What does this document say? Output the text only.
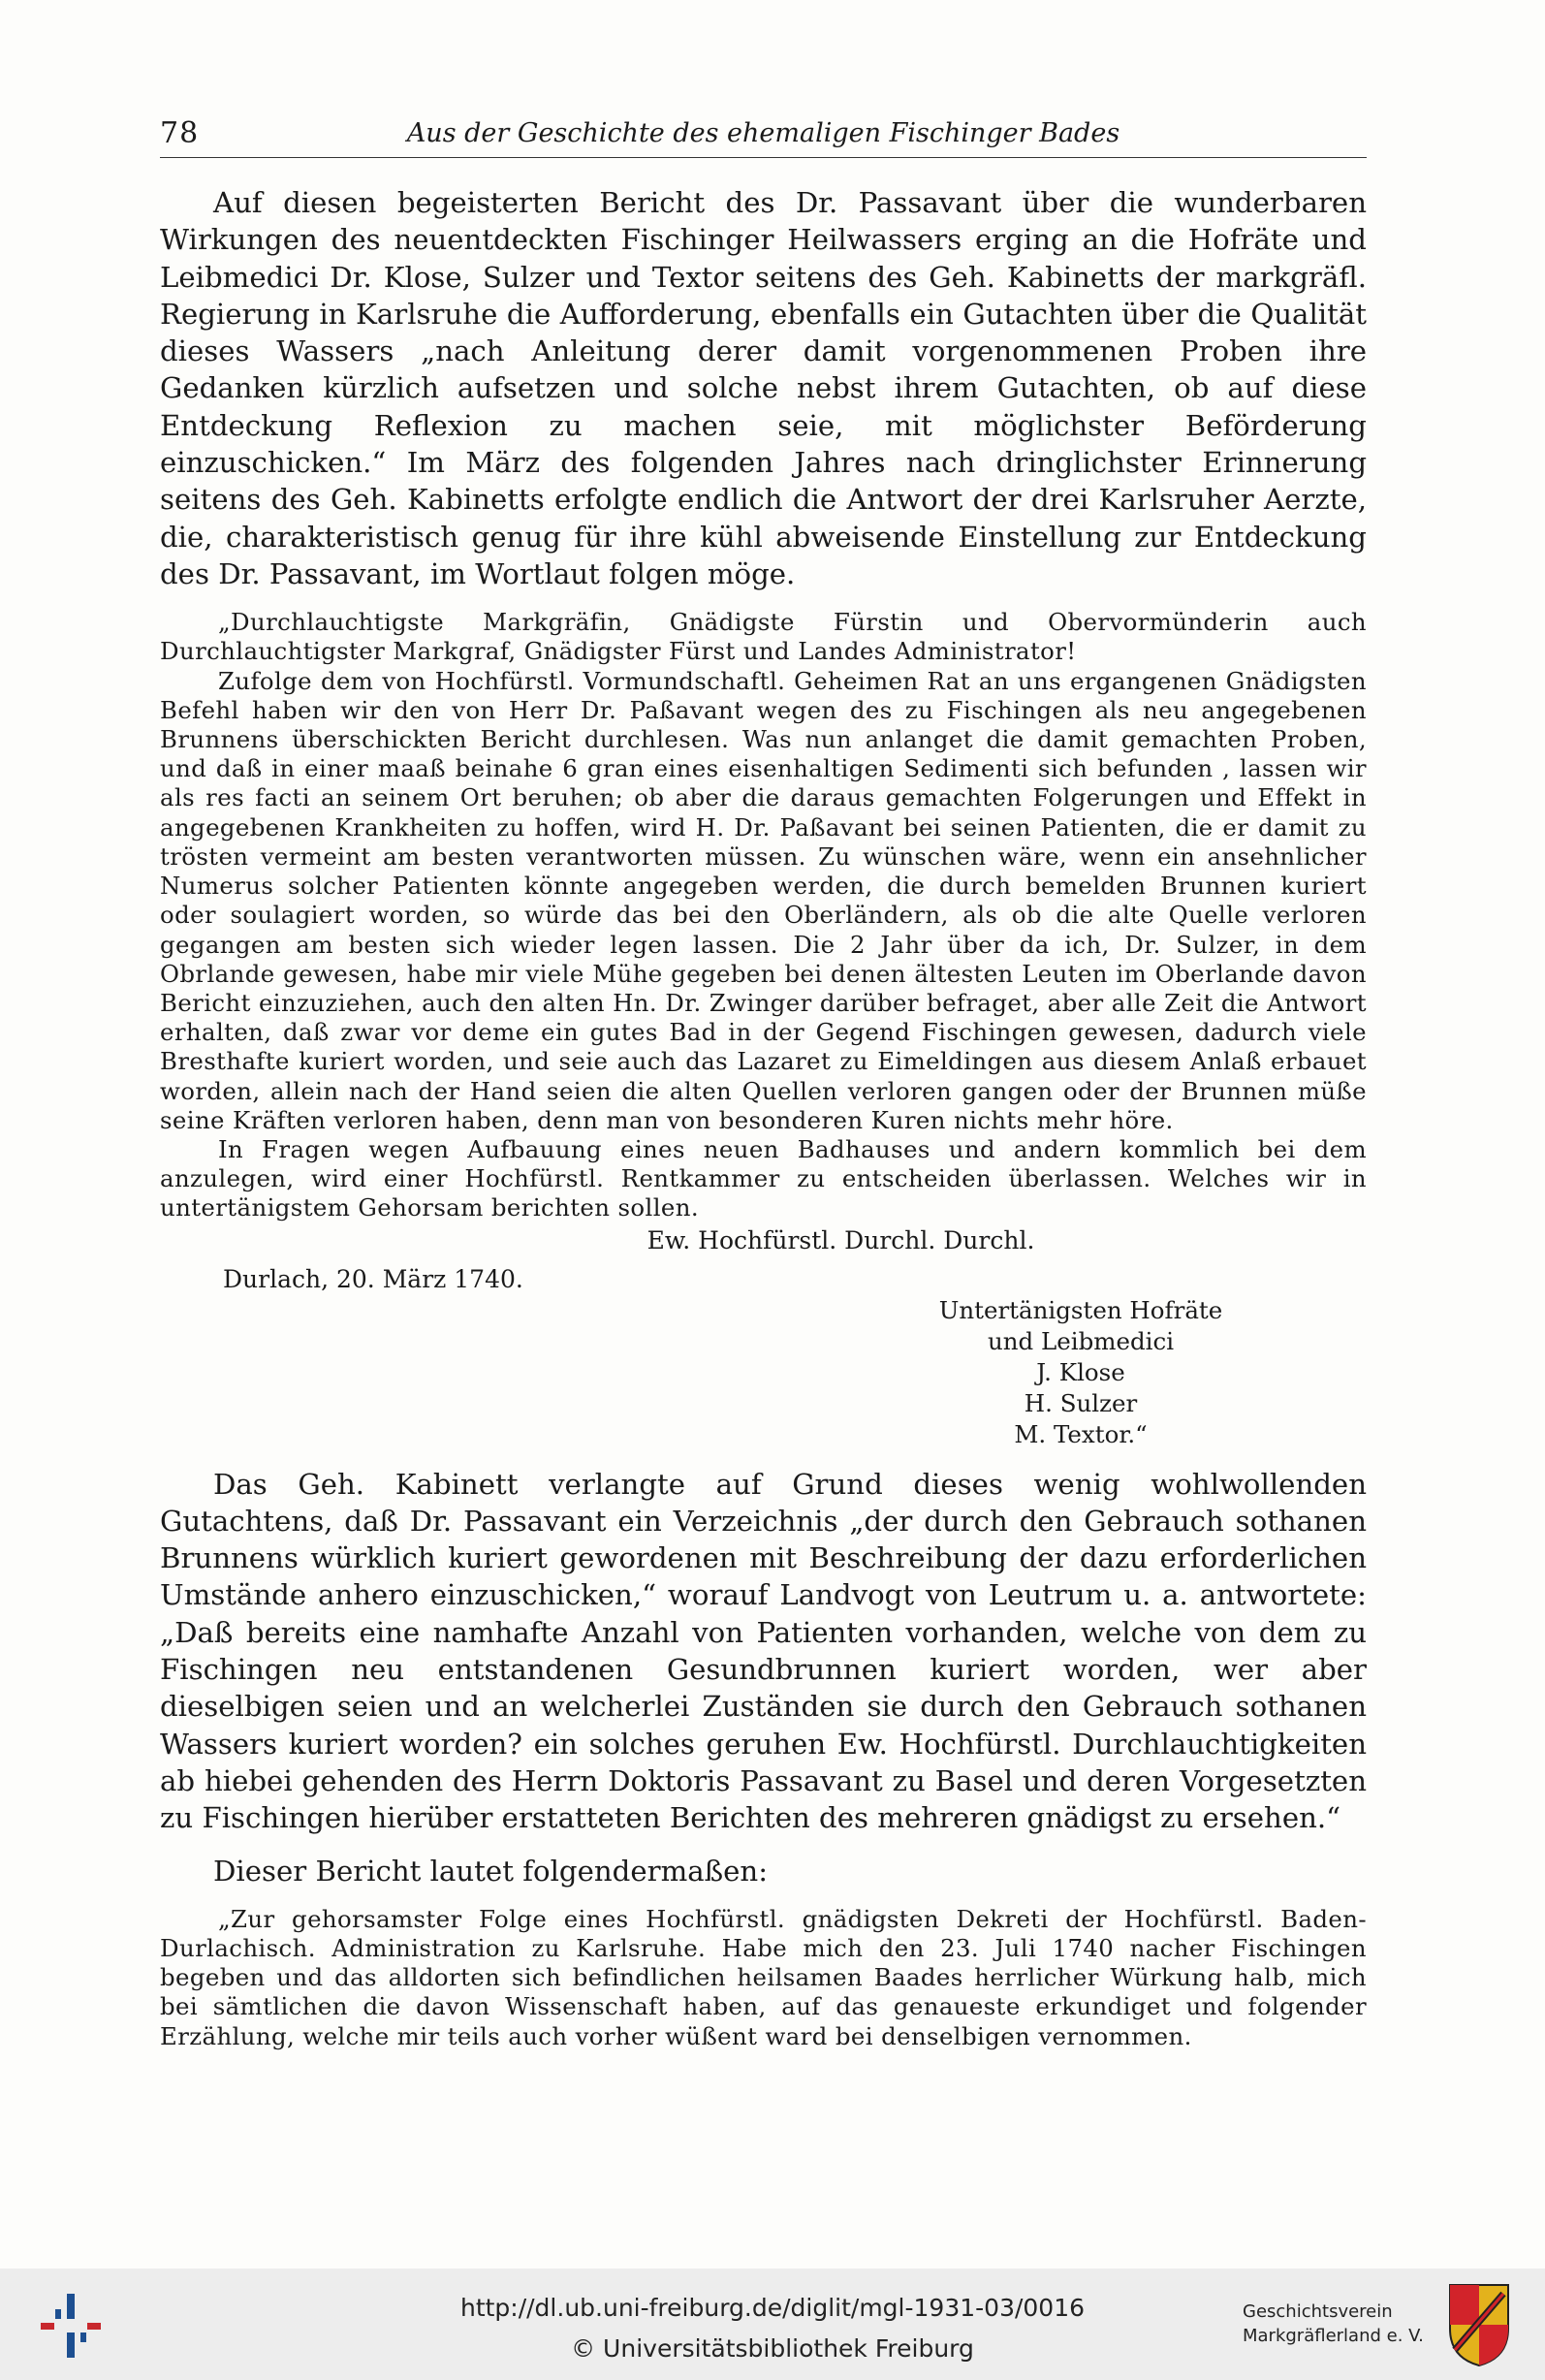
78	Aus der Geschichte des ehemaligen Fischinger Bades

Auf diesen begeisterten Bericht des Dr. Passavant über die wunderbaren Wirkungen des neuentdeckten Fischinger Heilwassers erging an die Hofräte und Leibmedici Dr. Klose, Sulzer und Textor seitens des Geh. Kabinetts der markgräfl. Regierung in Karlsruhe die Aufforderung, ebenfalls ein Gutachten über die Qualität dieses Wassers „nach Anleitung derer damit vorgenommenen Proben ihre Gedanken kürzlich aufsetzen und solche nebst ihrem Gutachten, ob auf diese Entdeckung Reflexion zu machen seie, mit möglichster Beförderung einzuschicken.“ Im März des folgenden Jahres nach dringlichster Erinnerung seitens des Geh. Kabinetts erfolgte endlich die Antwort der drei Karlsruher Aerzte, die, charakteristisch genug für ihre kühl abweisende Einstellung zur Entdeckung des Dr. Passavant, im Wortlaut folgen möge.

„Durchlauchtigste Markgräfin, Gnädigste Fürstin und Obervormünderin auch Durchlauchtigster Markgraf, Gnädigster Fürst und Landes Administrator!

Zufolge dem von Hochfürstl. Vormundschaftl. Geheimen Rat an uns ergangenen Gnädigsten Befehl haben wir den von Herr Dr. Paßavant wegen des zu Fischingen als neu angegebenen Brunnens überschickten Bericht durchlesen. Was nun anlanget die damit gemachten Proben, und daß in einer maaß beinahe 6 gran eines eisenhaltigen Sedimenti sich befunden , lassen wir als res facti an seinem Ort beruhen; ob aber die daraus gemachten Folgerungen und Effekt in angegebenen Krankheiten zu hoffen, wird H. Dr. Paßavant bei seinen Patienten, die er damit zu trösten vermeint am besten verantworten müssen. Zu wünschen wäre, wenn ein ansehnlicher Numerus solcher Patienten könnte angegeben werden, die durch bemelden Brunnen kuriert oder soulagiert worden, so würde das bei den Oberländern, als ob die alte Quelle verloren gegangen am besten sich wieder legen lassen. Die 2 Jahr über da ich, Dr. Sulzer, in dem Obrlande gewesen, habe mir viele Mühe gegeben bei denen ältesten Leuten im Oberlande davon Bericht einzuziehen, auch den alten Hn. Dr. Zwinger darüber befraget, aber alle Zeit die Antwort erhalten, daß zwar vor deme ein gutes Bad in der Gegend Fischingen gewesen, dadurch viele Bresthafte kuriert worden, und seie auch das Lazaret zu Eimeldingen aus diesem Anlaß erbauet worden, allein nach der Hand seien die alten Quellen verloren gangen oder der Brunnen müße seine Kräften verloren haben, denn man von besonderen Kuren nichts mehr höre.

In Fragen wegen Aufbauung eines neuen Badhauses und andern kommlich bei dem anzulegen, wird einer Hochfürstl. Rentkammer zu entscheiden überlassen. Welches wir in untertänigstem Gehorsam berichten sollen.

Ew. Hochfürstl. Durchl. Durchl.
Durlach, 20. März 1740.
Untertänigsten Hofräte
und Leibmedici
J. Klose
H. Sulzer
M. Textor.“

Das Geh. Kabinett verlangte auf Grund dieses wenig wohlwollenden Gutachtens, daß Dr. Passavant ein Verzeichnis „der durch den Gebrauch sothanen Brunnens würklich kuriert gewordenen mit Beschreibung der dazu erforderlichen Umstände anhero einzuschicken,“ worauf Landvogt von Leutrum u. a. antwortete: „Daß bereits eine namhafte Anzahl von Patienten vorhanden, welche von dem zu Fischingen neu entstandenen Gesundbrunnen kuriert worden, wer aber dieselbigen seien und an welcherlei Zuständen sie durch den Gebrauch sothanen Wassers kuriert worden? ein solches geruhen Ew. Hochfürstl. Durchlauchtigkeiten ab hiebei gehenden des Herrn Doktoris Passavant zu Basel und deren Vorgesetzten zu Fischingen hierüber erstatteten Berichten des mehreren gnädigst zu ersehen.“

Dieser Bericht lautet folgendermaßen:

„Zur gehorsamster Folge eines Hochfürstl. gnädigsten Dekreti der Hochfürstl. Baden-Durlachisch. Administration zu Karlsruhe. Habe mich den 23. Juli 1740 nacher Fischingen begeben und das alldorten sich befindlichen heilsamen Baades herrlicher Würkung halb, mich bei sämtlichen die davon Wissenschaft haben, auf das genaueste erkundiget und folgender Erzählung, welche mir teils auch vorher wüßent ward bei denselbigen vernommen.

http://dl.ub.uni-freiburg.de/diglit/mgl-1931-03/0016
© Universitätsbibliothek Freiburg
Geschichtsverein
Markgräflerland e. V.
